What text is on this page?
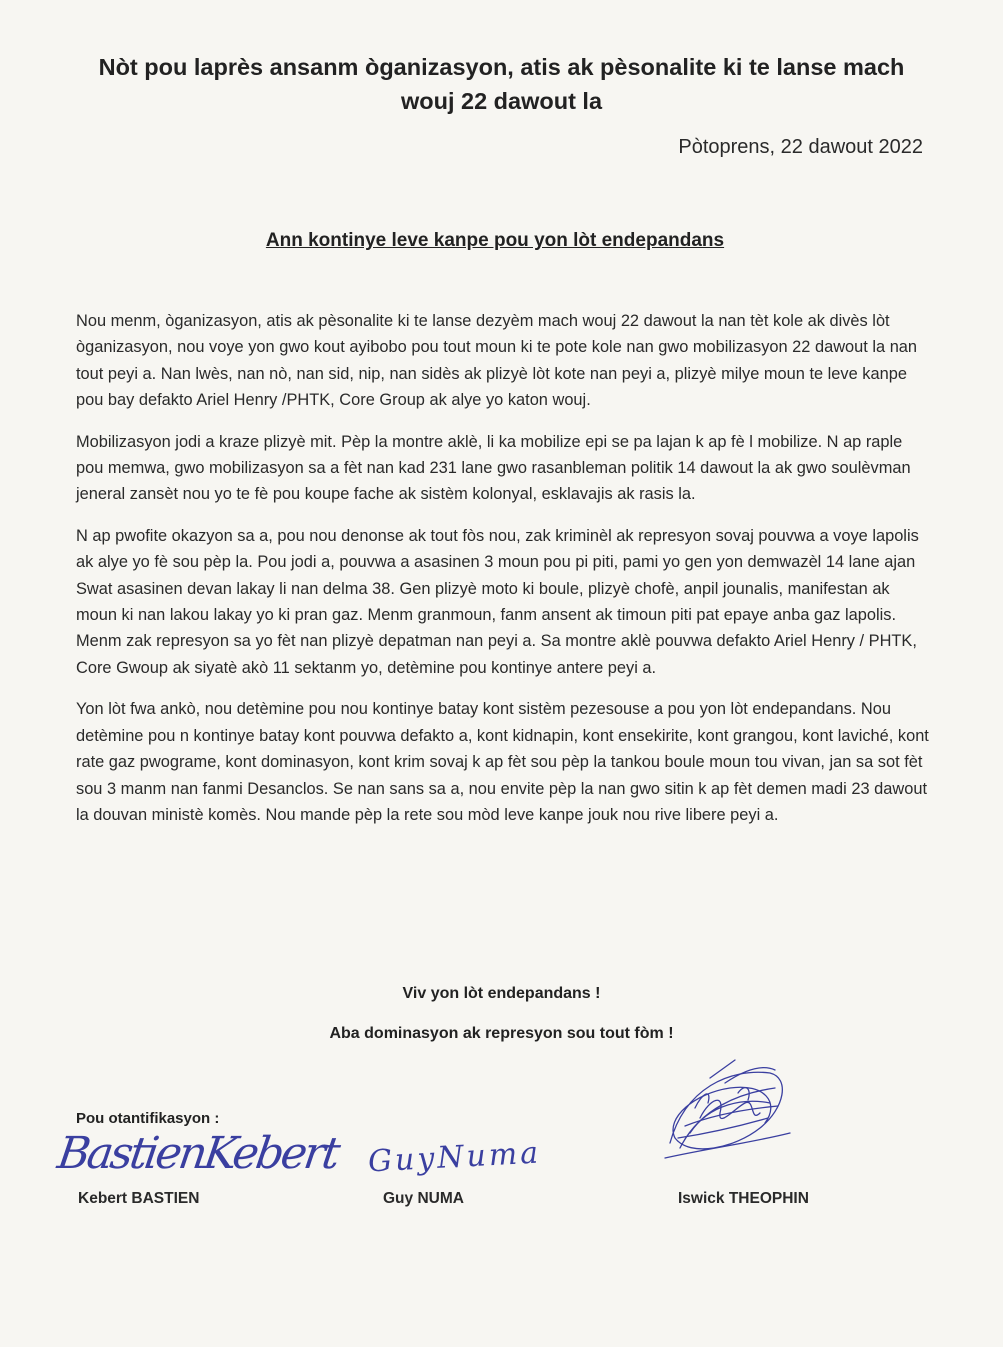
Nòt pou laprès ansanm òganizasyon, atis ak pèsonalite ki te lanse mach
wouj 22 dawout la
Pòtoprens, 22 dawout 2022
Ann kontinye leve kanpe pou yon lòt endepandans

Nou menm, òganizasyon, atis ak pèsonalite ki te lanse dezyèm mach wouj 22 dawout la nan tèt kole ak divès lòt òganizasyon, nou voye yon gwo kout ayibobo pou tout moun ki te pote kole nan gwo mobilizasyon 22 dawout la nan tout peyi a. Nan lwès, nan nò, nan sid, nip, nan sidès ak plizyè lòt kote nan peyi a, plizyè milye moun te leve kanpe pou bay defakto Ariel Henry /PHTK, Core Group ak alye yo katon wouj.

Mobilizasyon jodi a kraze plizyè mit. Pèp la montre aklè, li ka mobilize epi se pa lajan k ap fè l mobilize. N ap raple pou memwa, gwo mobilizasyon sa a fèt nan kad 231 lane gwo rasanbleman politik 14 dawout la ak gwo soulèvman jeneral zansèt nou yo te fè pou koupe fache ak sistèm kolonyal, esklavajis ak rasis la.

N ap pwofite okazyon sa a, pou nou denonse ak tout fòs nou, zak kriminèl ak represyon sovaj pouvwa a voye lapolis ak alye yo fè sou pèp la. Pou jodi a, pouvwa a asasinen 3 moun pou pi piti, pami yo gen yon demwazèl 14 lane ajan Swat asasinen devan lakay li nan delma 38. Gen plizyè moto ki boule, plizyè chofè, anpil jounalis, manifestan ak moun ki nan lakou lakay yo ki pran gaz. Menm granmoun, fanm ansent ak timoun piti pat epaye anba gaz lapolis. Menm zak represyon sa yo fèt nan plizyè depatman nan peyi a. Sa montre aklè pouvwa defakto Ariel Henry / PHTK, Core Gwoup ak siyatè akò 11 sektanm yo, detèmine pou kontinye antere peyi a.

Yon lòt fwa ankò, nou detèmine pou nou kontinye batay kont sistèm pezesouse a pou yon lòt endepandans. Nou detèmine pou n kontinye batay kont pouvwa defakto a, kont kidnapin, kont ensekirite, kont grangou, kont laviché, kont rate gaz pwograme, kont dominasyon, kont krim sovaj k ap fèt sou pèp la tankou boule moun tou vivan, jan sa sot fèt sou 3 manm nan fanmi Desanclos. Se nan sans sa a, nou envite pèp la nan gwo sitin k ap fèt demen madi 23 dawout la douvan ministè komès. Nou mande pèp la rete sou mòd leve kanpe jouk nou rive libere peyi a.

Viv yon lòt endepandans !
Aba dominasyon ak represyon sou tout fòm !
Pou otantifikasyon :
BastienKebert
Kebert BASTIEN
GuyNuma
Guy NUMA	Iswick THEOPHIN
